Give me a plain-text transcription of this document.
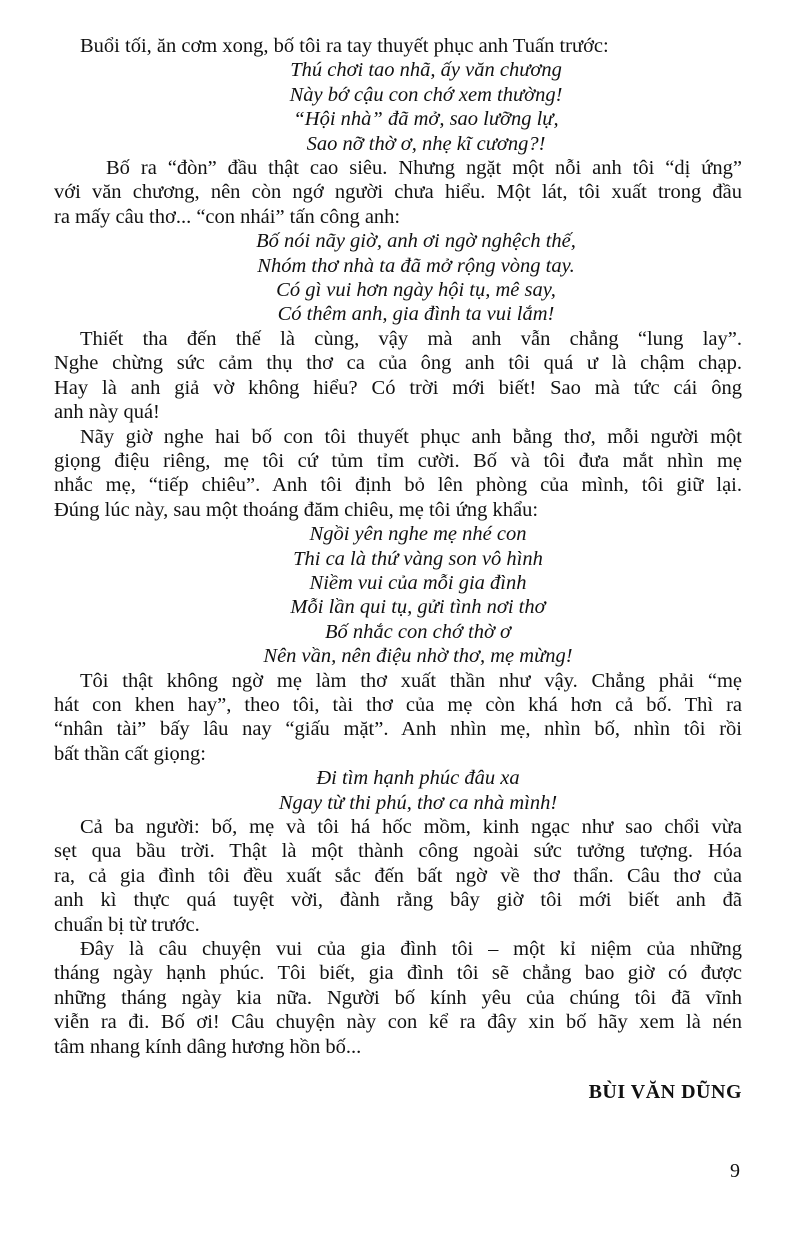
Buổi tối, ăn cơm xong, bố tôi ra tay thuyết phục anh Tuấn trước:

Thú chơi tao nhã, ấy văn chương
Này bớ cậu con chớ xem thường!
“Hội nhà” đã mở, sao lưỡng lự,
Sao nỡ thờ ơ, nhẹ kĩ cương?!

Bố ra “đòn” đầu thật cao siêu. Nhưng ngặt một nỗi anh tôi “dị ứng”
với văn chương, nên còn ngớ người chưa hiểu. Một lát, tôi xuất trong đầu
ra mấy câu thơ... “con nhái” tấn công anh:

Bố nói nãy giờ, anh ơi ngờ nghệch thế,
Nhóm thơ nhà ta đã mở rộng vòng tay.
Có gì vui hơn ngày hội tụ, mê say,
Có thêm anh, gia đình ta vui lắm!

Thiết tha đến thế là cùng, vậy mà anh vẫn chẳng “lung lay”.
Nghe chừng sức cảm thụ thơ ca của ông anh tôi quá ư là chậm chạp.
Hay là anh giả vờ không hiểu? Có trời mới biết! Sao mà tức cái ông
anh này quá!

Nãy giờ nghe hai bố con tôi thuyết phục anh bằng thơ, mỗi người một
giọng điệu riêng, mẹ tôi cứ tủm tỉm cười. Bố và tôi đưa mắt nhìn mẹ
nhắc mẹ, “tiếp chiêu”. Anh tôi định bỏ lên phòng của mình, tôi giữ lại.
Đúng lúc này, sau một thoáng đăm chiêu, mẹ tôi ứng khẩu:

Ngồi yên nghe mẹ nhé con
Thi ca là thứ vàng son vô hình
Niềm vui của mỗi gia đình
Mỗi lần qui tụ, gửi tình nơi thơ
Bố nhắc con chớ thờ ơ
Nên vần, nên điệu nhờ thơ, mẹ mừng!

Tôi thật không ngờ mẹ làm thơ xuất thần như vậy. Chẳng phải “mẹ
hát con khen hay”, theo tôi, tài thơ của mẹ còn khá hơn cả bố. Thì ra
“nhân tài” bấy lâu nay “giấu mặt”. Anh nhìn mẹ, nhìn bố, nhìn tôi rồi
bất thần cất giọng:

Đi tìm hạnh phúc đâu xa
Ngay từ thi phú, thơ ca nhà mình!

Cả ba người: bố, mẹ và tôi há hốc mồm, kinh ngạc như sao chổi vừa
sẹt qua bầu trời. Thật là một thành công ngoài sức tưởng tượng. Hóa
ra, cả gia đình tôi đều xuất sắc đến bất ngờ về thơ thẩn. Câu thơ của
anh kì thực quá tuyệt vời, đành rằng bây giờ tôi mới biết anh đã
chuẩn bị từ trước.

Đây là câu chuyện vui của gia đình tôi – một kỉ niệm của những
tháng ngày hạnh phúc. Tôi biết, gia đình tôi sẽ chẳng bao giờ có được
những tháng ngày kia nữa. Người bố kính yêu của chúng tôi đã vĩnh
viễn ra đi. Bố ơi! Câu chuyện này con kể ra đây xin bố hãy xem là nén
tâm nhang kính dâng hương hồn bố...

BÙI VĂN DŨNG
9
